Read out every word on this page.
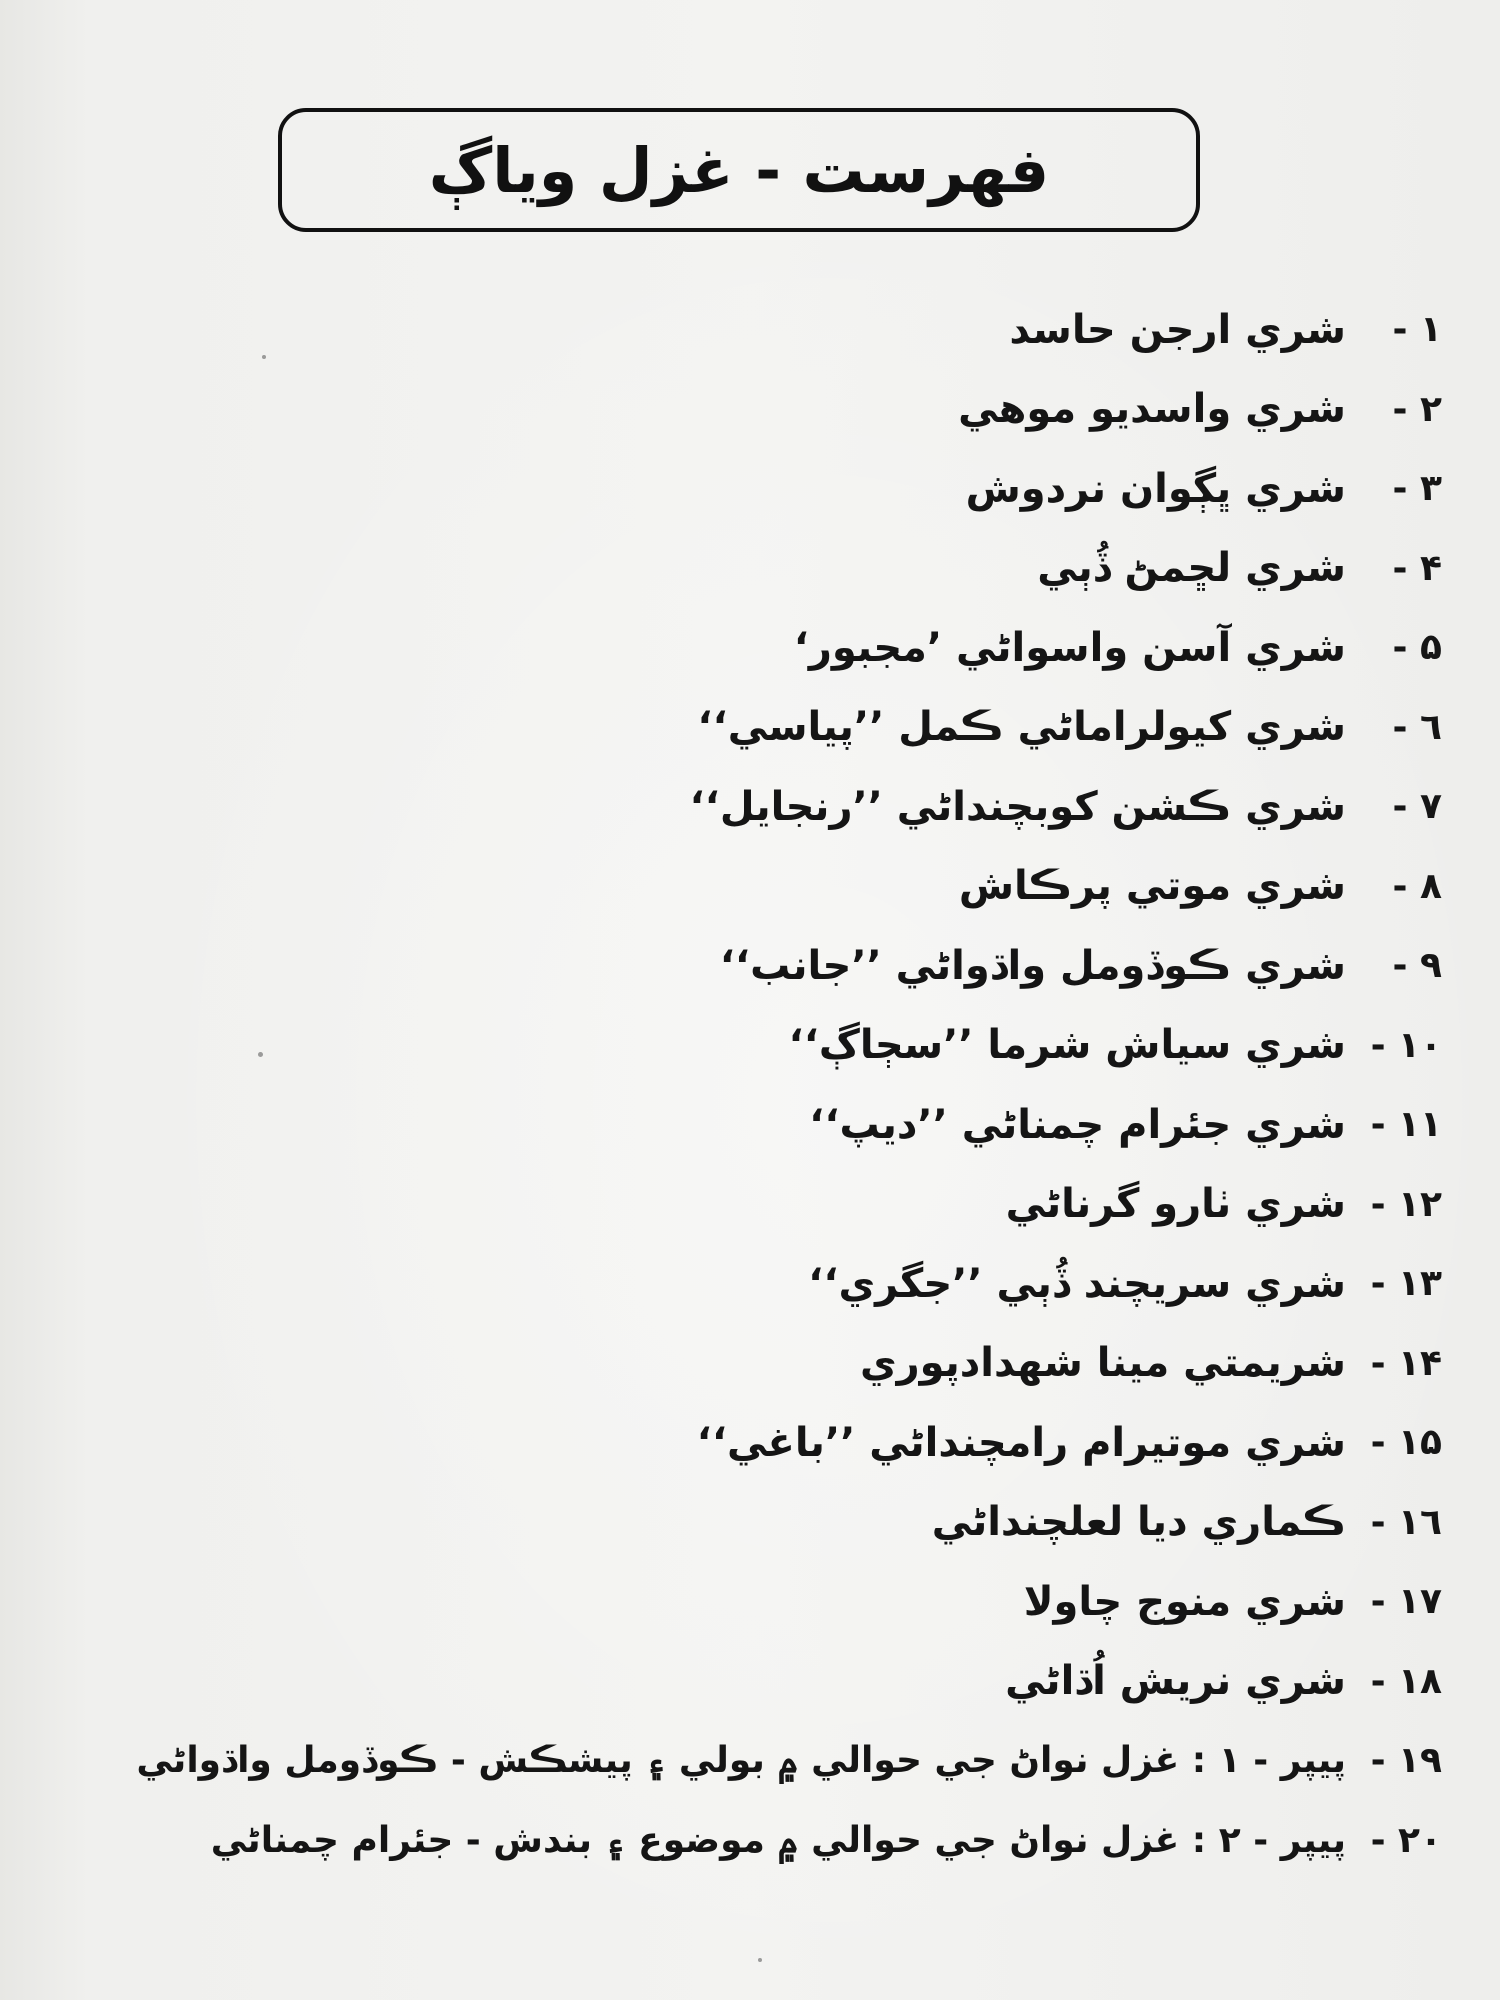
فهرست - غزل وياڳ
١ -
شري ارجن حاسد
٢ -
شري واسديو موهي
٣ -
شري ڀڳوان نردوش
۴ -
شري لڇمڻ ڏُٻي
۵ -
شري آسن واسواڻي ’مجبور‘
٦ -
شري کيولراماڻي ڪمل ’’پياسي‘‘
٧ -
شري ڪشن کوبچنداڻي ’’رنجايل‘‘
٨ -
شري موتي پرڪاش
٩ -
شري ڪوڏومل واڌواڻي ’’جانب‘‘
١٠ -
شري سياش شرما ’’سڄاڳ‘‘
١١ -
شري جئرام چمناڻي ’’ديپ‘‘
١٢ -
شري ٺارو گرناڻي
١٣ -
شري سريچند ڏُٻي ’’جگري‘‘
١۴ -
شريمتي مينا شهدادپوري
١۵ -
شري موتيرام رامچنداڻي ’’باغي‘‘
١٦ -
ڪماري ديا لعلچنداڻي
١٧ -
شري منوج چاولا
١٨ -
شري نريش اُڌاڻي
١٩ -
پيپر - ١ : غزل نواڻ جي حوالي ۾ بولي ۽ پيشڪش - ڪوڏومل واڌواڻي
٢٠ -
پيپر - ٢ : غزل نواڻ جي حوالي ۾ موضوع ۽ بندش - جئرام چمناڻي
